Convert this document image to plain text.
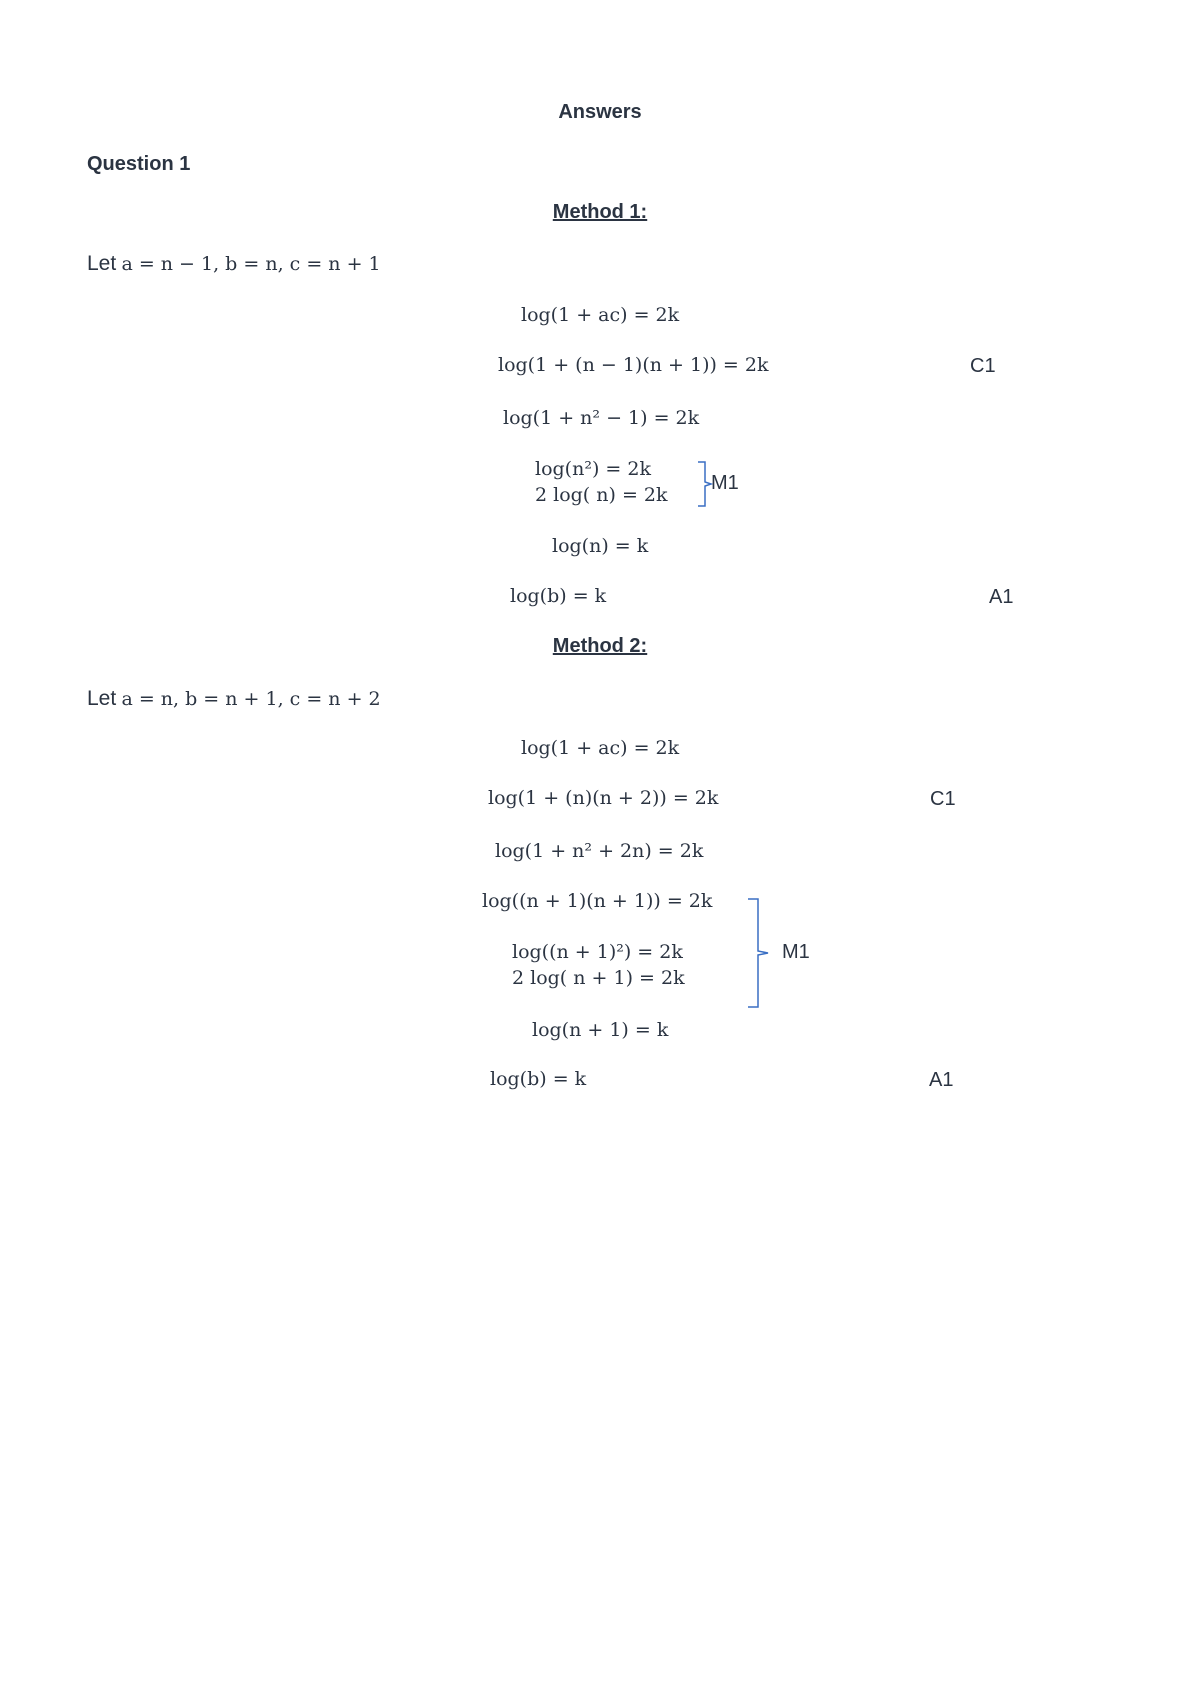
Answers
Question 1
Method 1:
Let a = n − 1, b = n, c = n + 1
log(1 + ac) = 2k
log(1 + (n − 1)(n + 1)) = 2k	C1
log(1 + n² − 1) = 2k
log(n²) = 2k
2 log( n) = 2k
M1
log(n) = k
log(b) = k	A1
Method 2:
Let a = n, b = n + 1, c = n + 2
log(1 + ac) = 2k
log(1 + (n)(n + 2)) = 2k	C1
log(1 + n² + 2n) = 2k
log((n + 1)(n + 1)) = 2k
log((n + 1)²) = 2k
2 log( n + 1) = 2k
M1
log(n + 1) = k
log(b) = k	A1
